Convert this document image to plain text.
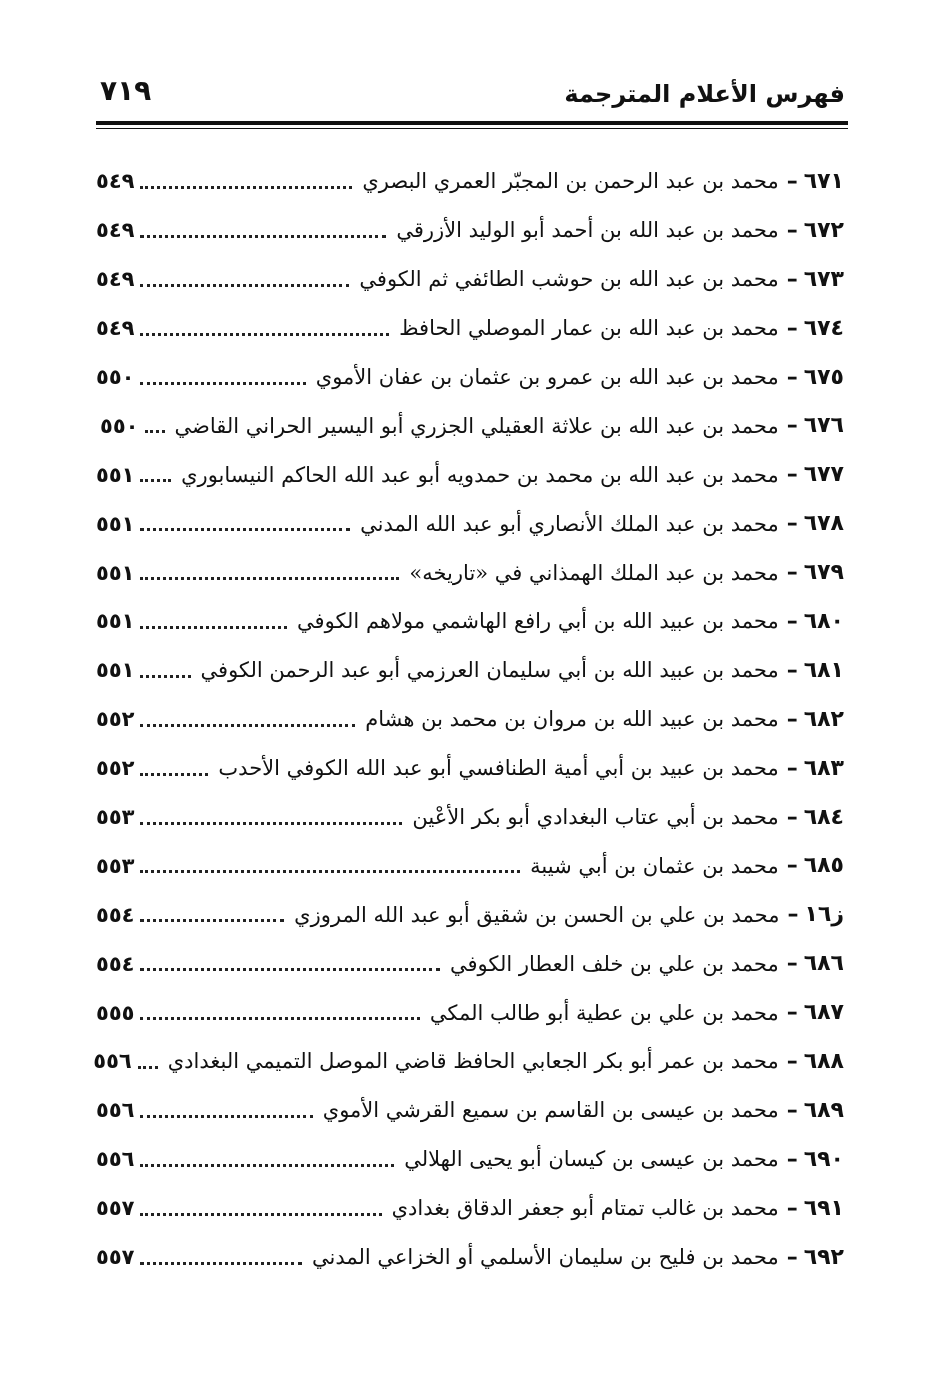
٧١٩	فهرس الأعلام المترجمة
٦٧١
–
محمد بن عبد الرحمن بن المجبّر العمري البصري
٥٤٩
٦٧٢
–
محمد بن عبد الله بن أحمد أبو الوليد الأزرقي
٥٤٩
٦٧٣
–
محمد بن عبد الله بن حوشب الطائفي ثم الكوفي
٥٤٩
٦٧٤
–
محمد بن عبد الله بن عمار الموصلي الحافظ
٥٤٩
٦٧٥
–
محمد بن عبد الله بن عمرو بن عثمان بن عفان الأموي
٥٥٠
٦٧٦
–
محمد بن عبد الله بن علاثة العقيلي الجزري أبو اليسير الحراني القاضي
٥٥٠
٦٧٧
–
محمد بن عبد الله بن محمد بن حمدويه أبو عبد الله الحاكم النيسابوري
٥٥١
٦٧٨
–
محمد بن عبد الملك الأنصاري أبو عبد الله المدني
٥٥١
٦٧٩
–
محمد بن عبد الملك الهمذاني في «تاريخه»
٥٥١
٦٨٠
–
محمد بن عبيد الله بن أبي رافع الهاشمي مولاهم الكوفي
٥٥١
٦٨١
–
محمد بن عبيد الله بن أبي سليمان العرزمي أبو عبد الرحمن الكوفي
٥٥١
٦٨٢
–
محمد بن عبيد الله بن مروان بن محمد بن هشام
٥٥٢
٦٨٣
–
محمد بن عبيد بن أبي أمية الطنافسي أبو عبد الله الكوفي الأحدب
٥٥٢
٦٨٤
–
محمد بن أبي عتاب البغدادي أبو بكر الأعْين
٥٥٣
٦٨٥
–
محمد بن عثمان بن أبي شيبة
٥٥٣
ز١٦
–
محمد بن علي بن الحسن بن شقيق أبو عبد الله المروزي
٥٥٤
٦٨٦
–
محمد بن علي بن خلف العطار الكوفي
٥٥٤
٦٨٧
–
محمد بن علي بن عطية أبو طالب المكي
٥٥٥
٦٨٨
–
محمد بن عمر أبو بكر الجعابي الحافظ قاضي الموصل التميمي البغدادي
٥٥٦
٦٨٩
–
محمد بن عيسى بن القاسم بن سميع القرشي الأموي
٥٥٦
٦٩٠
–
محمد بن عيسى بن كيسان أبو يحيى الهلالي
٥٥٦
٦٩١
–
محمد بن غالب تمتام أبو جعفر الدقاق بغدادي
٥٥٧
٦٩٢
–
محمد بن فليح بن سليمان الأسلمي أو الخزاعي المدني
٥٥٧
